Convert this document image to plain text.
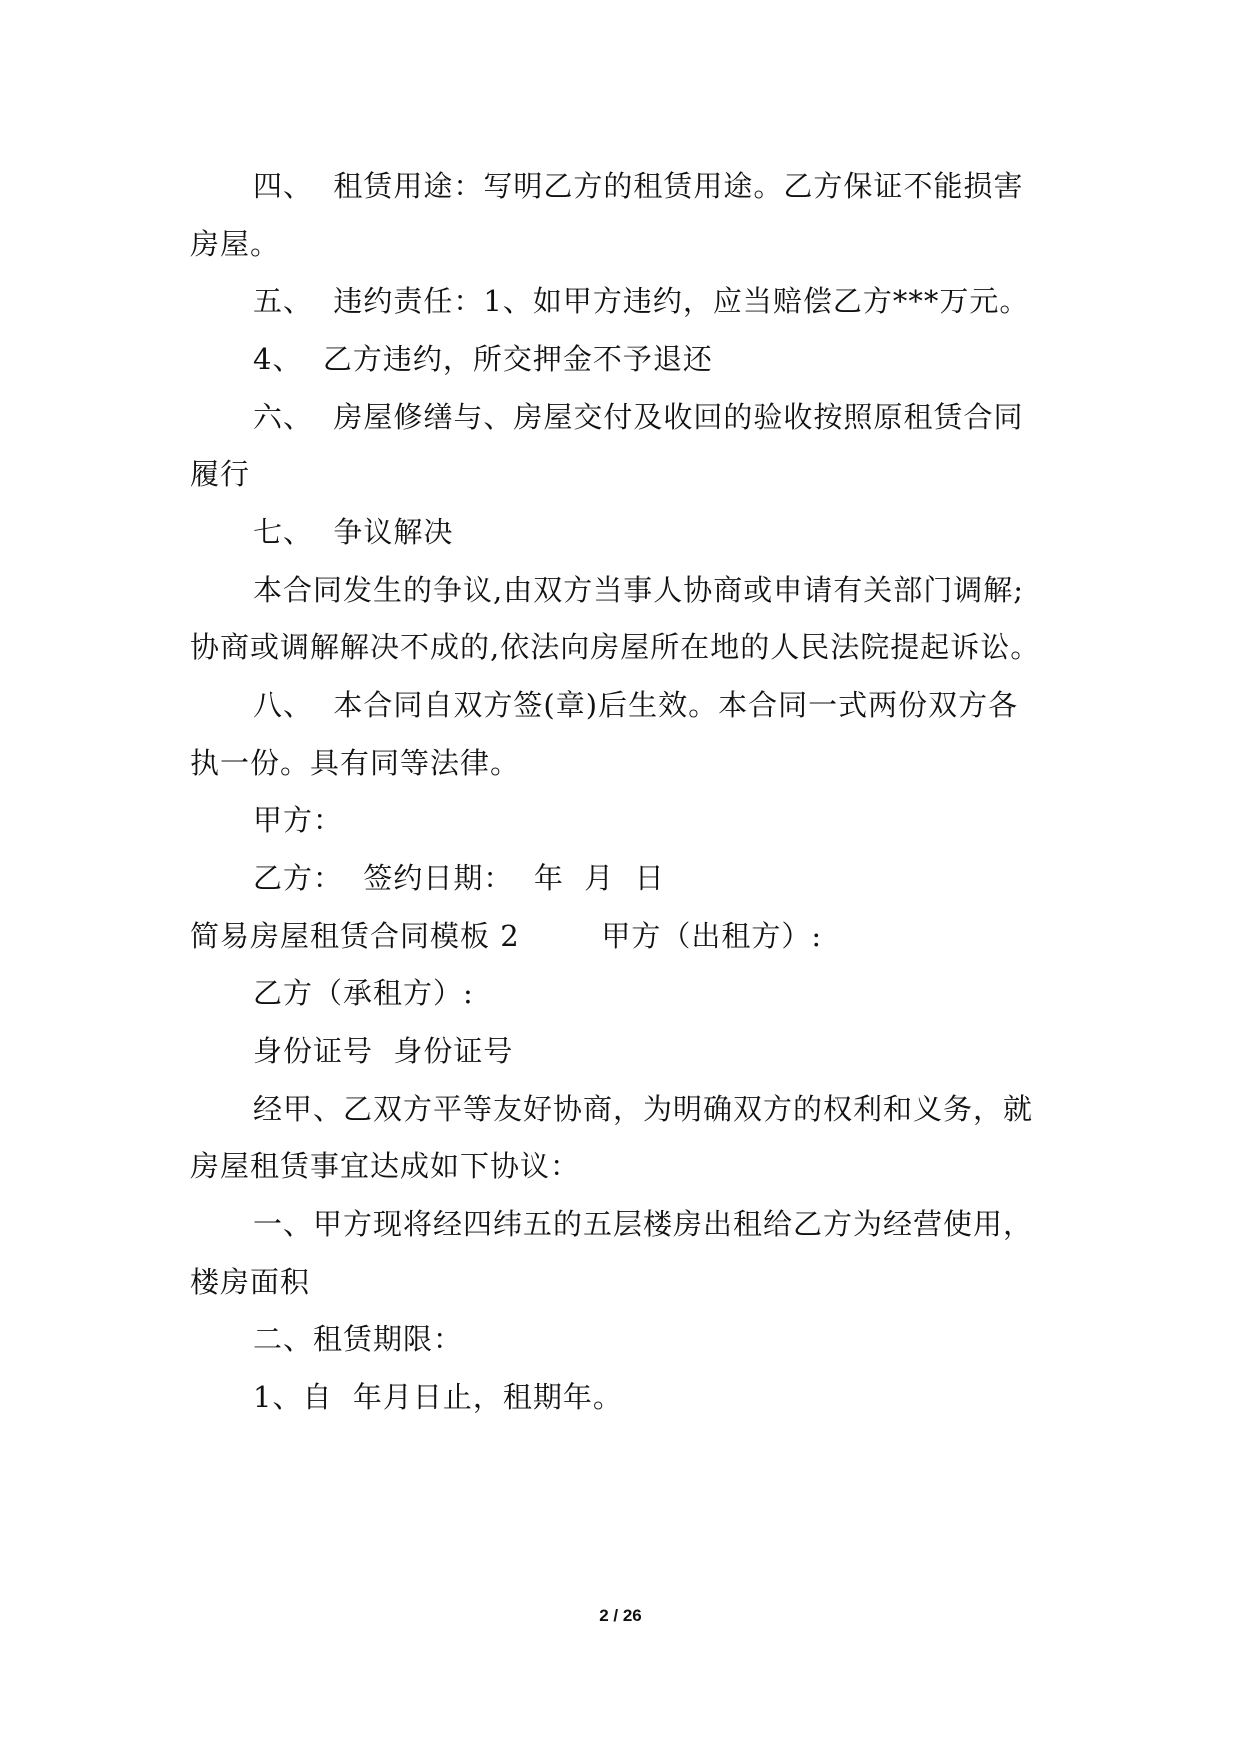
四、  租赁用途：写明乙方的租赁用途。乙方保证不能损害
房屋。
五、  违约责任：1、如甲方违约，应当赔偿乙方***万元。
4、  乙方违约，所交押金不予退还
六、  房屋修缮与、房屋交付及收回的验收按照原租赁合同
履行
七、  争议解决
本合同发生的争议,由双方当事人协商或申请有关部门调解;
协商或调解解决不成的,依法向房屋所在地的人民法院提起诉讼。
八、  本合同自双方签(章)后生效。本合同一式两份双方各
执一份。具有同等法律。
甲方：
乙方：  签约日期：  年  月  日
简易房屋租赁合同模板 2        甲方（出租方）:
乙方（承租方）:
身份证号  身份证号
经甲、乙双方平等友好协商，为明确双方的权利和义务，就
房屋租赁事宜达成如下协议：
一、甲方现将经四纬五的五层楼房出租给乙方为经营使用，
楼房面积
二、租赁期限：
1、自  年月日止，租期年。
2 / 26
